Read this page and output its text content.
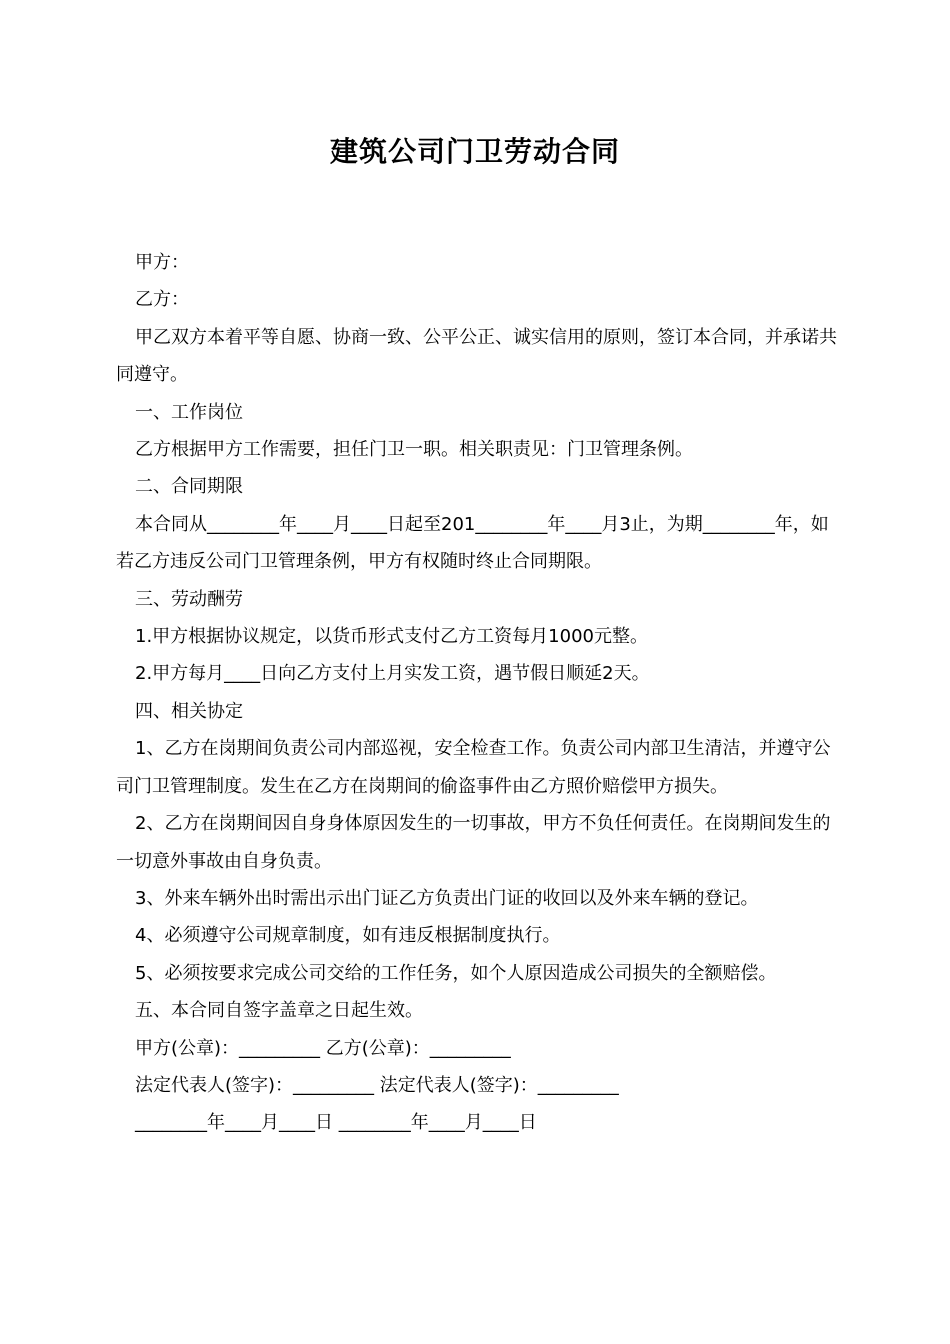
建筑公司门卫劳动合同

甲方：

乙方：

甲乙双方本着平等自愿、协商一致、公平公正、诚实信用的原则，签订本合同，并承诺共同遵守。

一、工作岗位

乙方根据甲方工作需要，担任门卫一职。相关职责见：门卫管理条例。

二、合同期限

本合同从________年____月____日起至201________年____月3止，为期________年，如若乙方违反公司门卫管理条例，甲方有权随时终止合同期限。

三、劳动酬劳

1.甲方根据协议规定，以货币形式支付乙方工资每月1000元整。

2.甲方每月____日向乙方支付上月实发工资，遇节假日顺延2天。

四、相关协定

1、乙方在岗期间负责公司内部巡视，安全检查工作。负责公司内部卫生清洁，并遵守公司门卫管理制度。发生在乙方在岗期间的偷盗事件由乙方照价赔偿甲方损失。

2、乙方在岗期间因自身身体原因发生的一切事故，甲方不负任何责任。在岗期间发生的一切意外事故由自身负责。

3、外来车辆外出时需出示出门证乙方负责出门证的收回以及外来车辆的登记。

4、必须遵守公司规章制度，如有违反根据制度执行。

5、必须按要求完成公司交给的工作任务，如个人原因造成公司损失的全额赔偿。

五、本合同自签字盖章之日起生效。

甲方(公章)：_________ 乙方(公章)：_________

法定代表人(签字)：_________ 法定代表人(签字)：_________

________年____月____日 ________年____月____日
